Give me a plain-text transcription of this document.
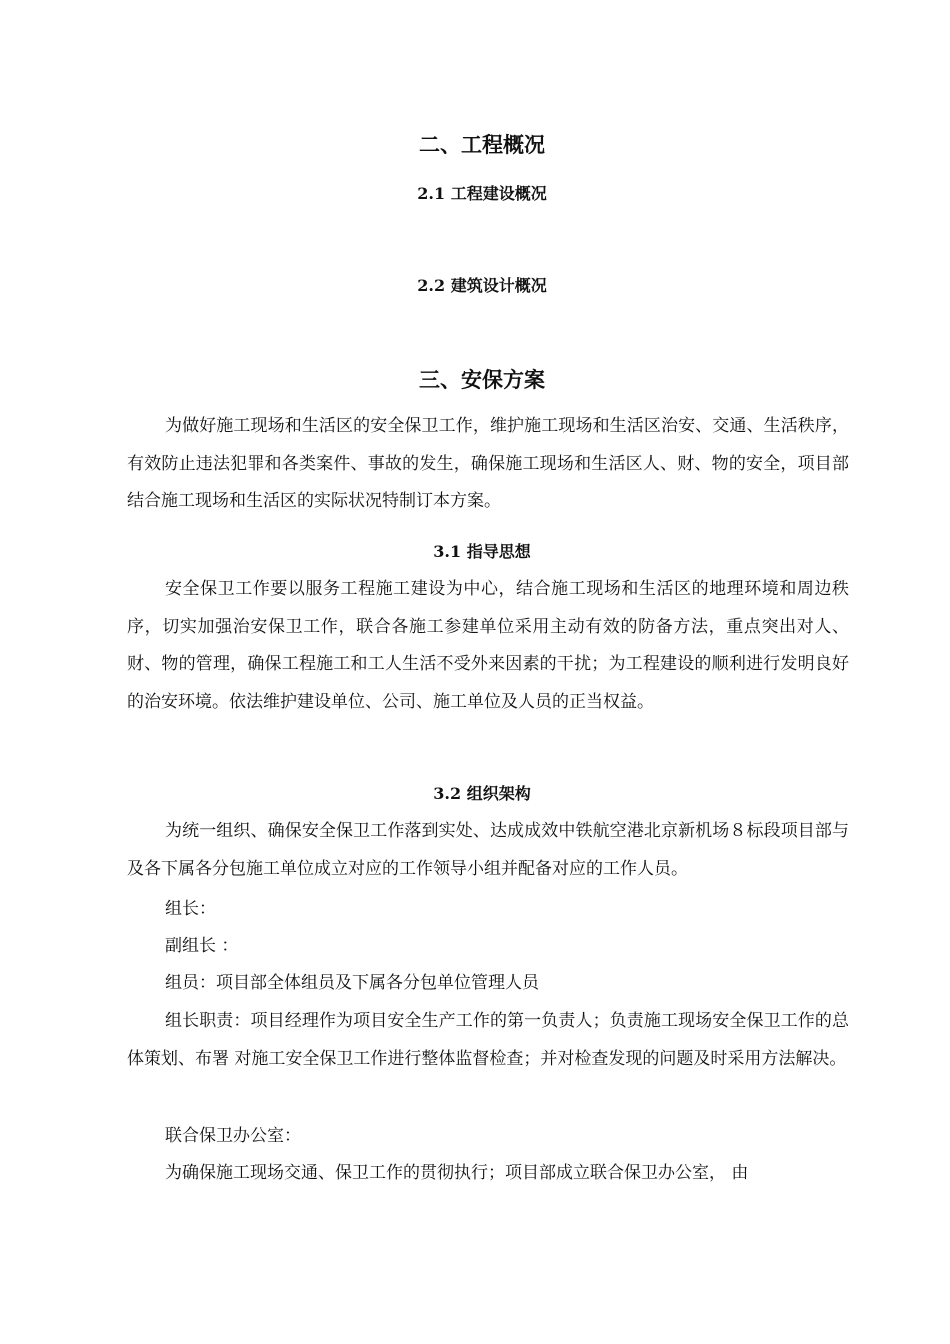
二、工程概况
2.1 工程建设概况
2.2 建筑设计概况
三、安保方案

为做好施工现场和生活区的安全保卫工作，维护施工现场和生活区治安、交通、生活秩序，有效防止违法犯罪和各类案件、事故的发生，确保施工现场和生活区人、财、物的安全，项目部结合施工现场和生活区的实际状况特制订本方案。

3.1 指导思想

安全保卫工作要以服务工程施工建设为中心，结合施工现场和生活区的地理环境和周边秩序，切实加强治安保卫工作，联合各施工参建单位采用主动有效的防备方法，重点突出对人、财、物的管理，确保工程施工和工人生活不受外来因素的干扰；为工程建设的顺利进行发明良好的治安环境。依法维护建设单位、公司、施工单位及人员的正当权益。

3.2 组织架构

为统一组织、确保安全保卫工作落到实处、达成成效中铁航空港北京新机场８标段项目部与及各下属各分包施工单位成立对应的工作领导小组并配备对应的工作人员。

组长：

副组长 ：

组员：项目部全体组员及下属各分包单位管理人员

组长职责：项目经理作为项目安全生产工作的第一负责人；负责施工现场安全保卫工作的总体策划、布署 对施工安全保卫工作进行整体监督检查；并对检查发现的问题及时采用方法解决。

联合保卫办公室：

为确保施工现场交通、保卫工作的贯彻执行；项目部成立联合保卫办公室， 由
